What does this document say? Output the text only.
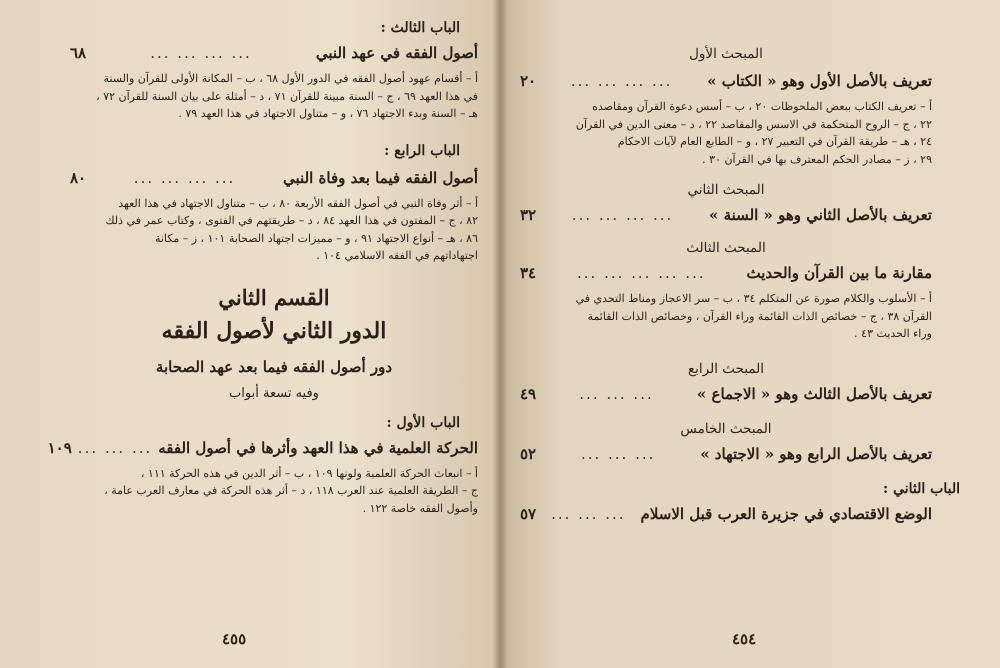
الباب الثالث :

أصول الفقه في عهد النبي
... ... ... ...
٦٨

أ – أقسام عهود أصول الفقه في الدور الأول ٦٨ ، ب – المكانة الأولى للقرآن والسنة

في هذا العهد ٦٩ ، ج – السنة مبينة للقرآن ٧١ ، د – أمثلة على بيان السنة للقرآن ٧٢ ،

هـ – السنة وبدء الاجتهاد ٧٦ ، و – متناول الاجتهاد في هذا العهد ٧٩ .

الباب الرابع :

أصول الفقه فيما بعد وفاة النبي
... ... ... ...
٨٠

أ – أثر وفاة النبي في أصول الفقه الأربعة ٨٠ ، ب – متناول الاجتهاد في هذا العهد

٨٢ ، ج – المفتون في هذا العهد ٨٤ ، د – طريقتهم في الفتوى ، وكتاب عمر في ذلك

٨٦ ، هـ – أنواع الاجتهاد ٩١ ، و – مميزات اجتهاد الصحابة ١٠١ ، ز – مكانة

اجتهاداتهم في الفقه الاسلامي ١٠٤ .

القسم الثاني

الدور الثاني لأصول الفقه

دور أصول الفقه فيما بعد عهد الصحابة

وفيه تسعة أبواب

الباب الأول :

الحركة العلمية في هذا العهد وأثرها في أصول الفقه
... ... ...
١٠٩

أ – انبعاث الحركة العلمية ولونها ١٠٩ ، ب – أثر الدين في هذه الحركة ١١١ ،

ج – الطريقة العلمية عند العرب ١١٨ ، د – أثر هذه الحركة في معارف العرب عامة ،

وأصول الفقه خاصة ١٢٢ .

٤٥٥

المبحث الأول

تعريف بالأصل الأول وهو « الكتاب »
... ... ... ...
٢٠

أ – تعريف الكتاب ببعض الملحوظات ٢٠ ، ب – أسس دعوة القرآن ومقاصده

٢٢ ، ج – الروح المتحكمة في الاسس والمقاصد ٢٢ ، د – معنى الدين في القرآن

٢٤ ، هـ – طريقة القرآن في التعبير ٢٧ ، و – الطابع العام لآيات الاحكام

٢٩ ، ز – مصادر الحكم المعترف بها في القرآن ٣٠ .

المبحث الثاني

تعريف بالأصل الثاني وهو « السنة »
... ... ... ...
٣٢

المبحث الثالث

مقارنة ما بين القرآن والحديث
... ... ... ... ...
٣٤

أ – الأسلوب والكلام صورة عن المتكلم ٣٤ ، ب – سر الاعجاز ومناط التحدي في

القرآن ٣٨ ، ج – خصائص الذات القائمة وراء القرآن ، وخصائص الذات القائمة

وراء الحديث ٤٣ .

المبحث الرابع

تعريف بالأصل الثالث وهو « الاجماع »
... ... ...
٤٩

المبحث الخامس

تعريف بالأصل الرابع وهو « الاجتهاد »
... ... ...
٥٢

الباب الثاني :

الوضع الاقتصادي في جزيرة العرب قبل الاسلام
... ... ...
٥٧
٤٥٤
